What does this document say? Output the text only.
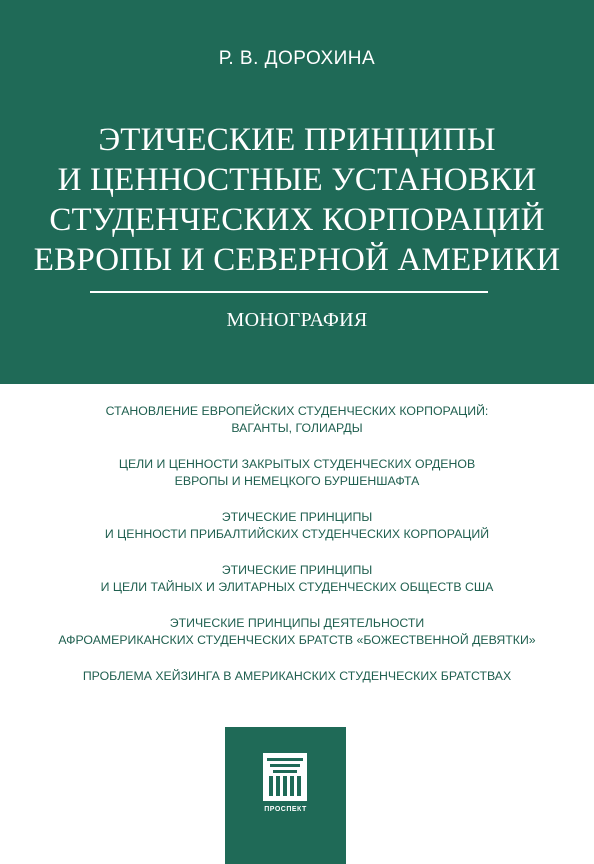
Р. В. ДОРОХИНА
ЭТИЧЕСКИЕ ПРИНЦИПЫ
И ЦЕННОСТНЫЕ УСТАНОВКИ
СТУДЕНЧЕСКИХ КОРПОРАЦИЙ
ЕВРОПЫ И СЕВЕРНОЙ АМЕРИКИ
МОНОГРАФИЯ
СТАНОВЛЕНИЕ ЕВРОПЕЙСКИХ СТУДЕНЧЕСКИХ КОРПОРАЦИЙ:
ВАГАНТЫ, ГОЛИАРДЫ
ЦЕЛИ И ЦЕННОСТИ ЗАКРЫТЫХ СТУДЕНЧЕСКИХ ОРДЕНОВ
ЕВРОПЫ И НЕМЕЦКОГО БУРШЕНШАФТА
ЭТИЧЕСКИЕ ПРИНЦИПЫ
И ЦЕННОСТИ ПРИБАЛТИЙСКИХ СТУДЕНЧЕСКИХ КОРПОРАЦИЙ
ЭТИЧЕСКИЕ ПРИНЦИПЫ
И ЦЕЛИ ТАЙНЫХ И ЭЛИТАРНЫХ СТУДЕНЧЕСКИХ ОБЩЕСТВ США
ЭТИЧЕСКИЕ ПРИНЦИПЫ ДЕЯТЕЛЬНОСТИ
АФРОАМЕРИКАНСКИХ СТУДЕНЧЕСКИХ БРАТСТВ «БОЖЕСТВЕННОЙ ДЕВЯТКИ»
ПРОБЛЕМА ХЕЙЗИНГА В АМЕРИКАНСКИХ СТУДЕНЧЕСКИХ БРАТСТВАХ
ПРОСПЕКТ
